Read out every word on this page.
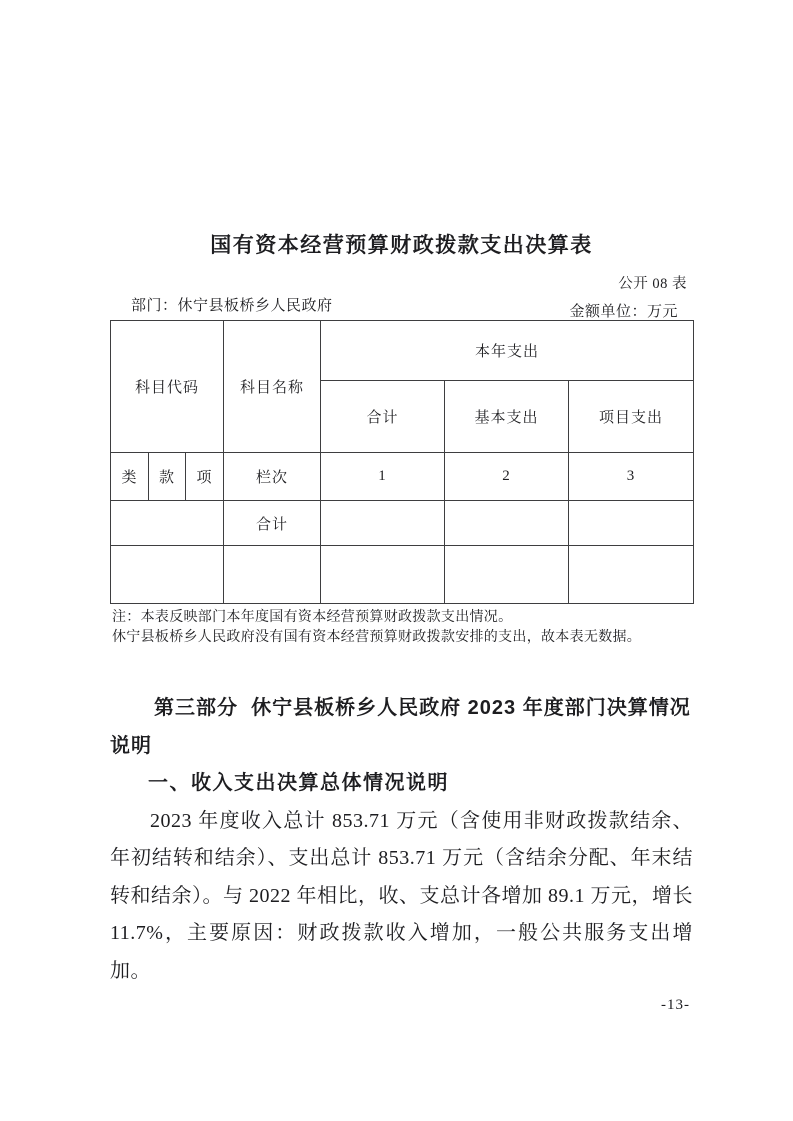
国有资本经营预算财政拨款支出决算表
公开 08 表
部门：休宁县板桥乡人民政府	金额单位：万元
科目代码			科目名称	本年支出		
				合计	基本支出	项目支出
类	款	项	栏次	1	2	3
			合计			

注：本表反映部门本年度国有资本经营预算财政拨款支出情况。
休宁县板桥乡人民政府没有国有资本经营预算财政拨款安排的支出，故本表无数据。

第三部分  休宁县板桥乡人民政府 2023 年度部门决算情况说明

一、收入支出决算总体情况说明

2023 年度收入总计 853.71 万元（含使用非财政拨款结余、年初结转和结余）、支出总计 853.71 万元（含结余分配、年末结转和结余）。与 2022 年相比，收、支总计各增加 89.1 万元，增长 11.7%，主要原因：财政拨款收入增加，一般公共服务支出增加。

-13-
